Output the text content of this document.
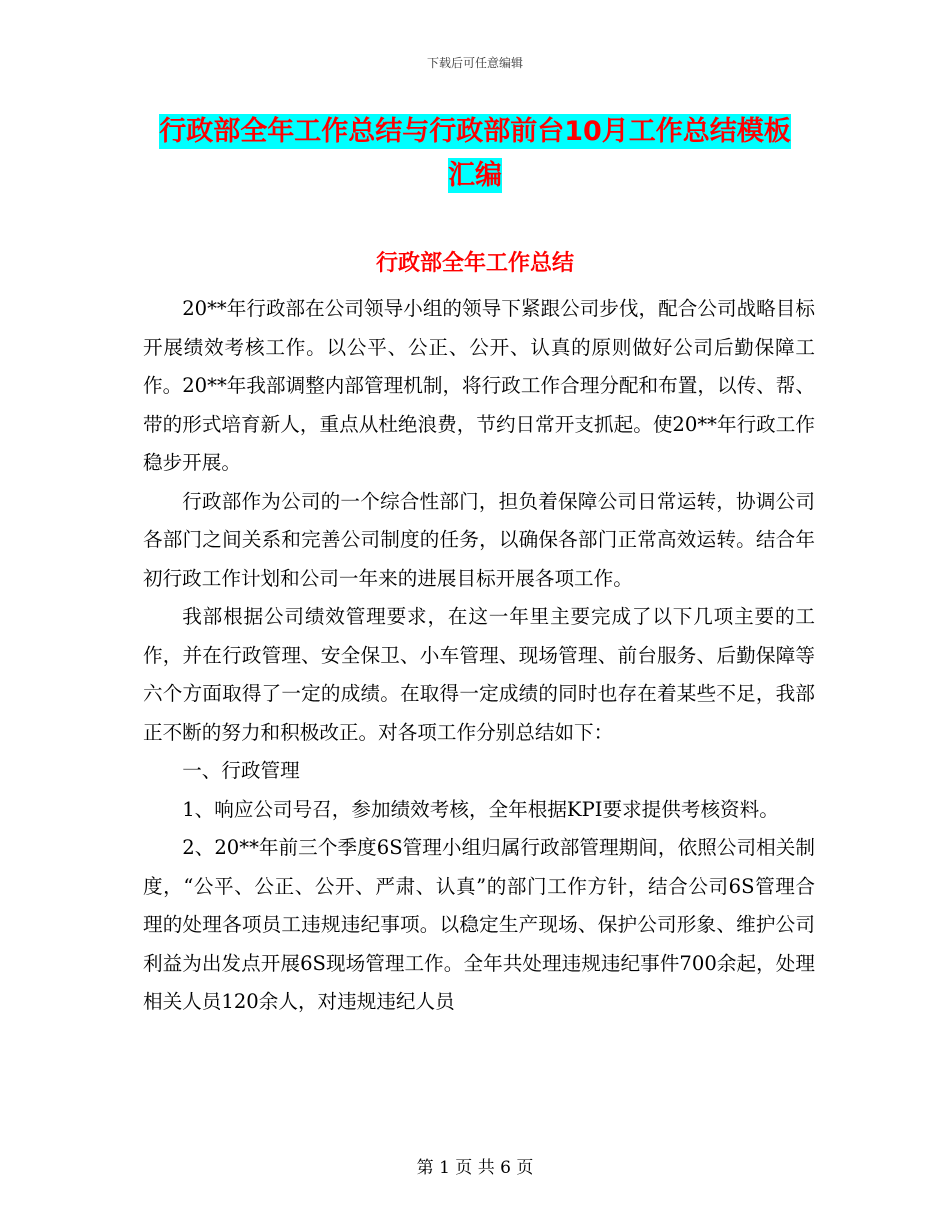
下载后可任意编辑
行政部全年工作总结与行政部前台10月工作总结模板
汇编
行政部全年工作总结

20**年行政部在公司领导小组的领导下紧跟公司步伐，配合公司战略目标开展绩效考核工作。以公平、公正、公开、认真的原则做好公司后勤保障工作。20**年我部调整内部管理机制，将行政工作合理分配和布置，以传、帮、带的形式培育新人，重点从杜绝浪费，节约日常开支抓起。使20**年行政工作稳步开展。

行政部作为公司的一个综合性部门，担负着保障公司日常运转，协调公司各部门之间关系和完善公司制度的任务，以确保各部门正常高效运转。结合年初行政工作计划和公司一年来的进展目标开展各项工作。

我部根据公司绩效管理要求，在这一年里主要完成了以下几项主要的工作，并在行政管理、安全保卫、小车管理、现场管理、前台服务、后勤保障等六个方面取得了一定的成绩。在取得一定成绩的同时也存在着某些不足，我部正不断的努力和积极改正。对各项工作分别总结如下：

一、行政管理

1、响应公司号召，参加绩效考核，全年根据KPI要求提供考核资料。

2、20**年前三个季度6S管理小组归属行政部管理期间，依照公司相关制度，“公平、公正、公开、严肃、认真”的部门工作方针，结合公司6S管理合理的处理各项员工违规违纪事项。以稳定生产现场、保护公司形象、维护公司利益为出发点开展6S现场管理工作。全年共处理违规违纪事件700余起，处理相关人员120余人，对违规违纪人员

第 1 页 共 6 页
